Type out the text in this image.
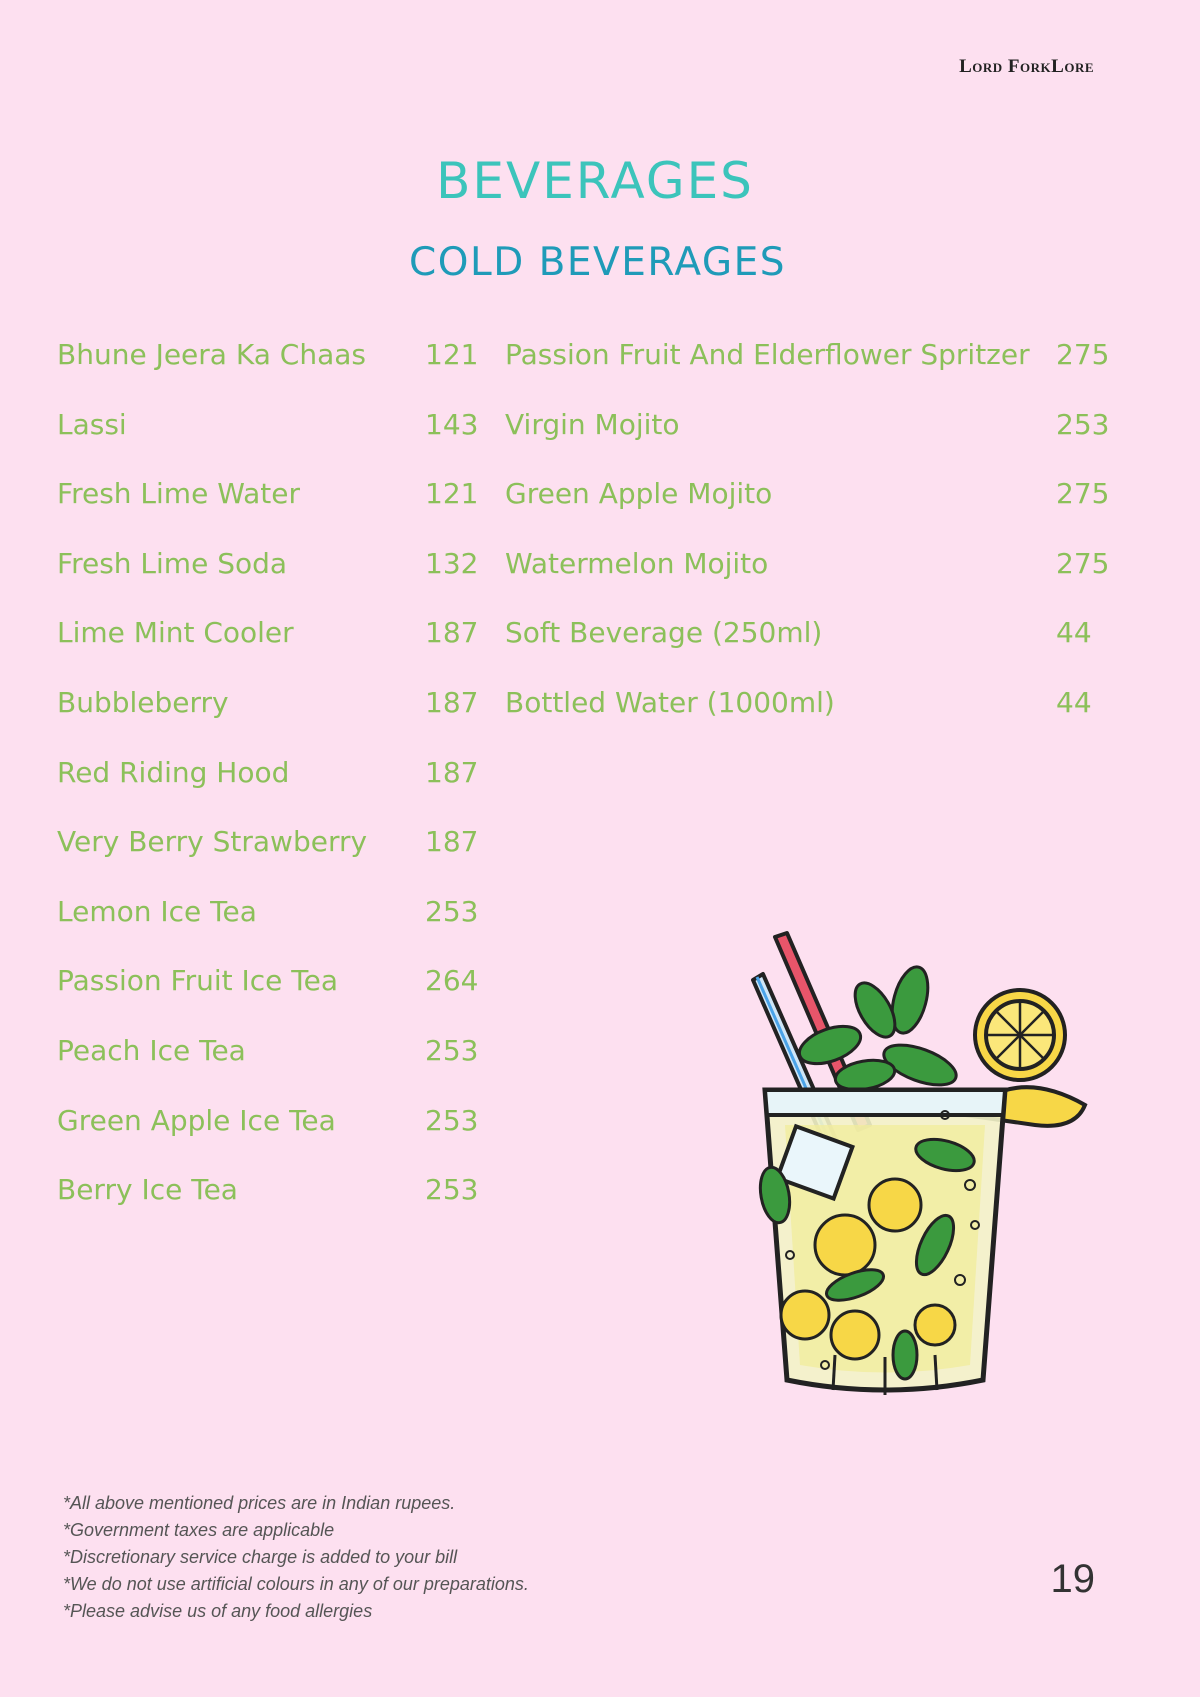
Lord ForkLore
BEVERAGES
COLD BEVERAGES
Bhune Jeera Ka Chaas 121
Lassi	143
Fresh Lime Water	121
Fresh Lime Soda	132
Lime Mint Cooler	187
Bubbleberry	187
Red Riding Hood	187
Very Berry Strawberry 187
Lemon Ice Tea	253
Passion Fruit Ice Tea	264
Peach Ice Tea	253
Green Apple Ice Tea	253
Berry Ice Tea	253
Passion Fruit And Elderflower Spritzer 275
Virgin Mojito	253
Green Apple Mojito	275
Watermelon Mojito	275
Soft Beverage (250ml)	44
Bottled Water (1000ml)	44
*All above mentioned prices are in Indian rupees.
*Government taxes are applicable
*Discretionary service charge is added to your bill
*We do not use artificial colours in any of our preparations.
*Please advise us of any food allergies
19
